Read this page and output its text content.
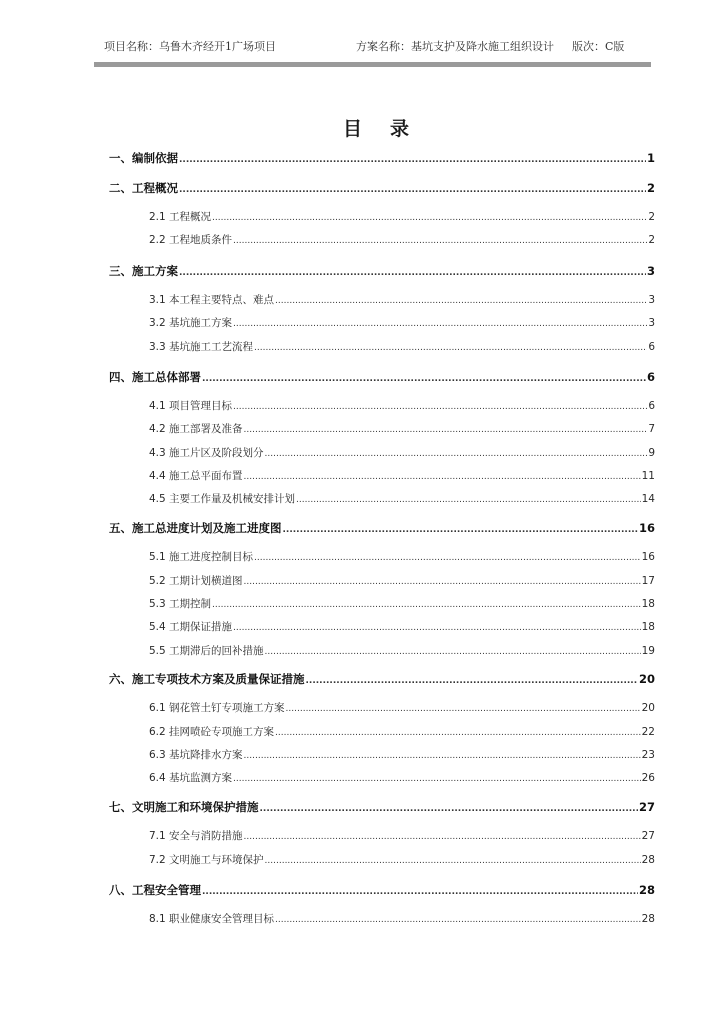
项目名称：乌鲁木齐经开1广场项目	方案名称：基坑支护及降水施工组织设计 版次：C版
目录
一、编制依据 .....	1
二、工程概况 .....	2
2.1 工程概况 .....	2
2.2 工程地质条件 .....	2
三、施工方案 .....	3
3.1 本工程主要特点、难点 .....	3
3.2 基坑施工方案 .....	3
3.3 基坑施工工艺流程 .....	6
四、施工总体部署 .....	6
4.1 项目管理目标 .....	6
4.2 施工部署及准备 .....	7
4.3 施工片区及阶段划分 .....	9
4.4 施工总平面布置 .....	11
4.5 主要工作量及机械安排计划 .....	14
五、施工总进度计划及施工进度图 .....	16
5.1 施工进度控制目标 .....	16
5.2 工期计划横道图 .....	17
5.3 工期控制 .....	18
5.4 工期保证措施 .....	18
5.5 工期滞后的回补措施 .....	19
六、施工专项技术方案及质量保证措施 .....	20
6.1 钢花管土钉专项施工方案 .....	20
6.2 挂网喷砼专项施工方案 .....	22
6.3 基坑降排水方案 .....	23
6.4 基坑监测方案 .....	26
七、文明施工和环境保护措施 .....	27
7.1 安全与消防措施 .....	27
7.2 文明施工与环境保护 .....	28
八、工程安全管理 .....	28
8.1 职业健康安全管理目标 .....	28
